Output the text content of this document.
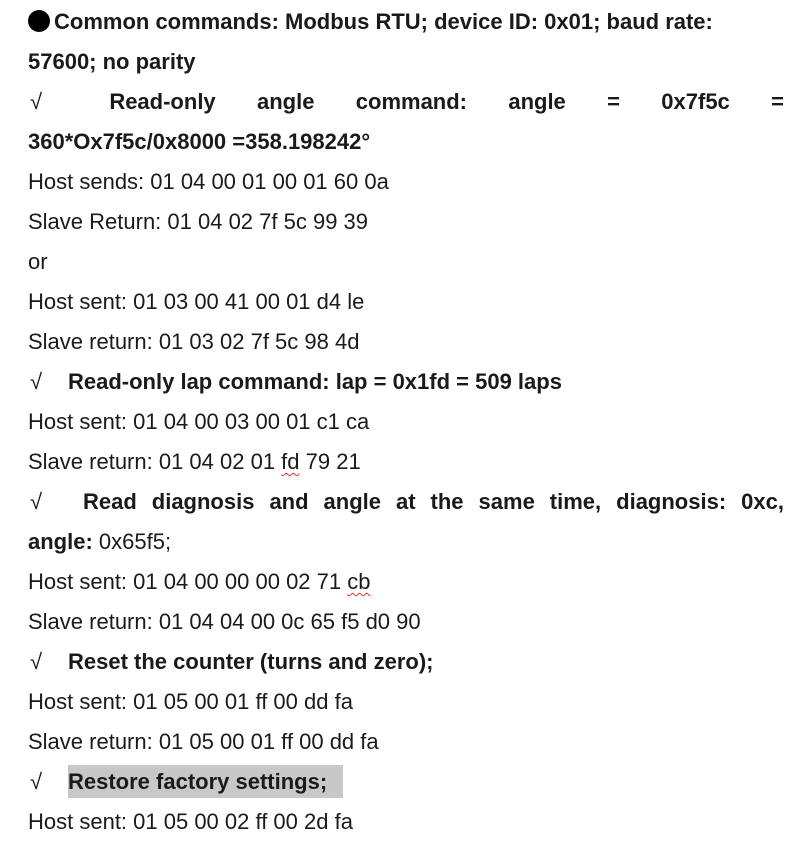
Common commands: Modbus RTU; device ID: 0x01; baud rate:
57600; no parity
√	Read-only angle command: angle = 0x7f5c =
360*Ox7f5c/0x8000 =358.198242°
Host sends: 01 04 00 01 00 01 60 0a
Slave Return: 01 04 02 7f 5c 99 39
or
Host sent: 01 03 00 41 00 01 d4 le
Slave return: 01 03 02 7f 5c 98 4d
√ Read-only lap command: lap = 0x1fd = 509 laps
Host sent: 01 04 00 03 00 01 c1 ca
Slave return: 01 04 02 01 fd 79 21
√	Read diagnosis and angle at the same time, diagnosis: 0xc,
angle: 0x65f5;
Host sent: 01 04 00 00 00 02 71 cb
Slave return: 01 04 04 00 0c 65 f5 d0 90
√ Reset the counter (turns and zero);
Host sent: 01 05 00 01 ff 00 dd fa
Slave return: 01 05 00 01 ff 00 dd fa
√ Restore factory settings;
Host sent: 01 05 00 02 ff 00 2d fa
